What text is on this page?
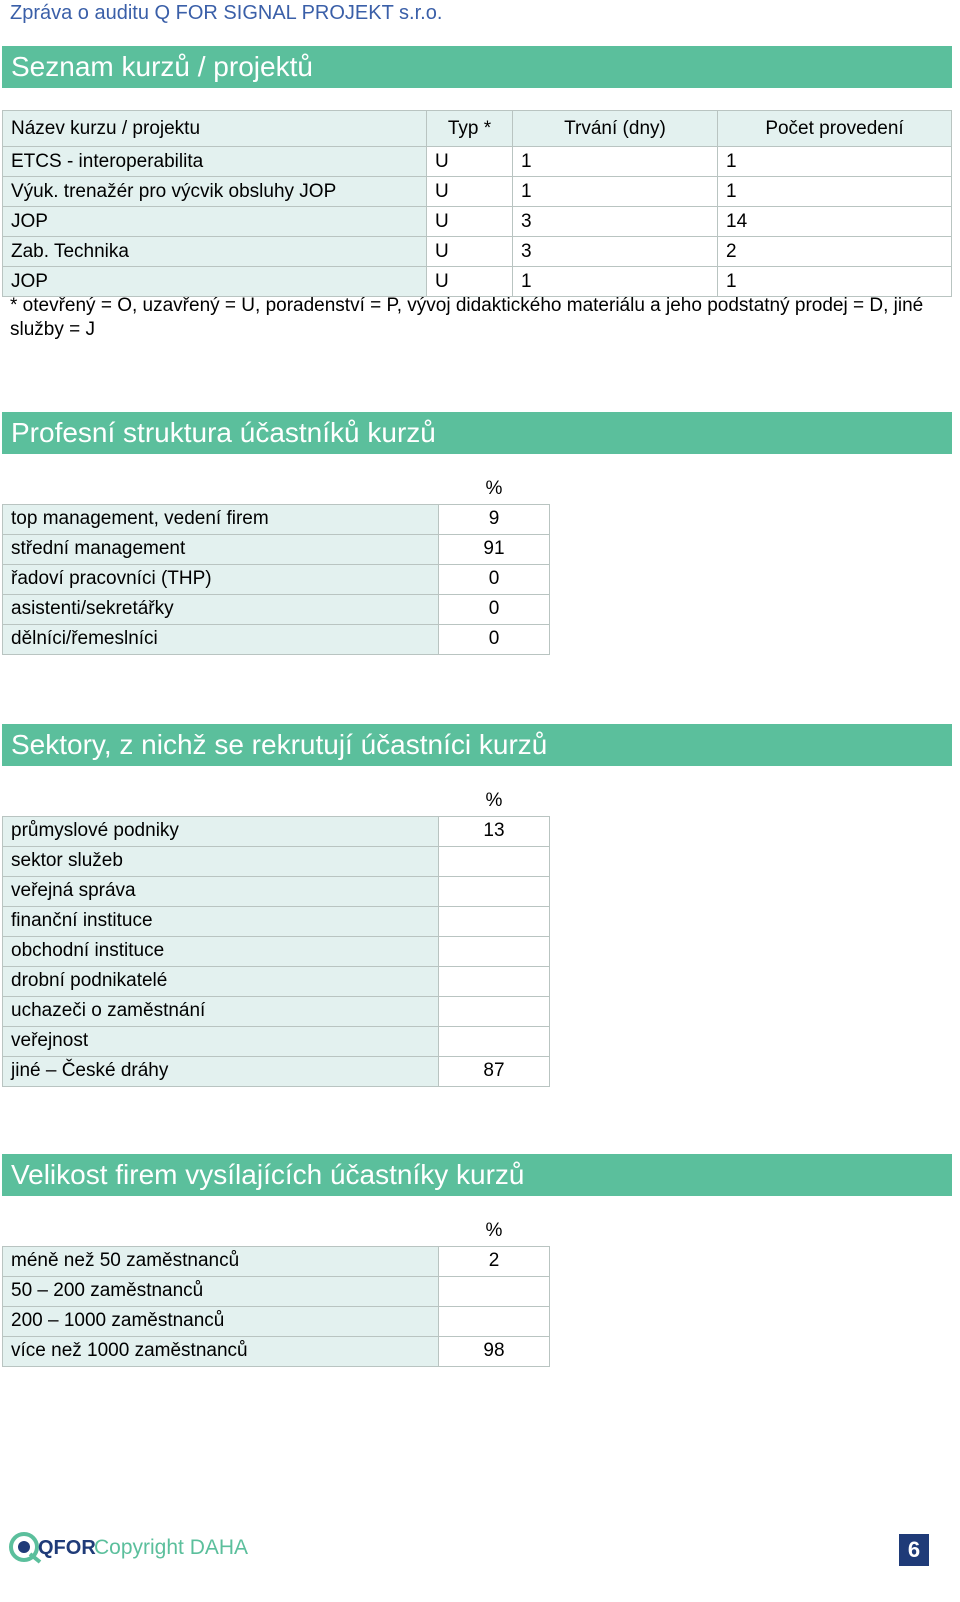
Zpráva o auditu Q FOR SIGNAL PROJEKT s.r.o.
Seznam kurzů / projektů
Název kurzu / projektu	Typ *	Trvání (dny)	Počet provedení
ETCS - interoperabilita	U	1	1
Výuk. trenažér pro výcvik obsluhy JOP	U	1	1
JOP	U	3	14
Zab. Technika	U	3	2
JOP	U	1	1
* otevřený = O, uzavřený = U, poradenství = P, vývoj didaktického materiálu a jeho podstatný prodej = D, jiné služby = J
Profesní struktura účastníků kurzů
	%
top management, vedení firem	9
střední management	91
řadoví pracovníci (THP)	0
asistenti/sekretářky	0
dělníci/řemeslníci	0
Sektory, z nichž se rekrutují účastníci kurzů
	%
průmyslové podniky	13
sektor služeb	
veřejná správa	
finanční instituce	
obchodní instituce	
drobní podnikatelé	
uchazeči o zaměstnání	
veřejnost	
jiné – České dráhy	87
Velikost firem vysílajících účastníky kurzů
	%
méně než 50 zaměstnanců	2
50 – 200 zaměstnanců	
200 – 1000 zaměstnanců	
více než 1000 zaměstnanců	98
QFOR
Copyright DAHA	6
